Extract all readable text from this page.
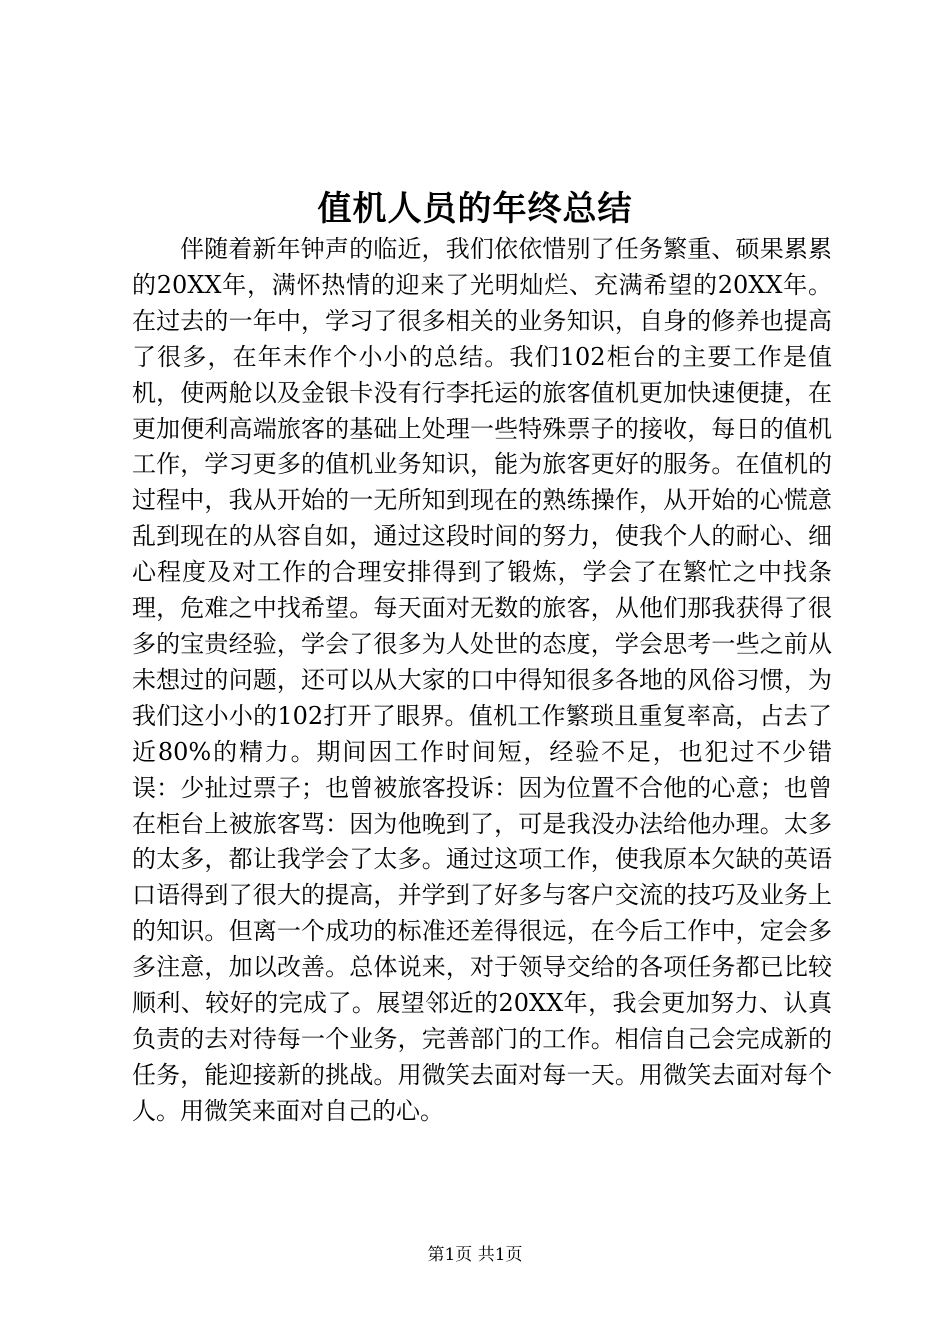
值机人员的年终总结

伴随着新年钟声的临近，我们依依惜别了任务繁重、硕果累累的20XX年，满怀热情的迎来了光明灿烂、充满希望的20XX年。在过去的一年中，学习了很多相关的业务知识，自身的修养也提高了很多，在年末作个小小的总结。我们102柜台的主要工作是值机，使两舱以及金银卡没有行李托运的旅客值机更加快速便捷，在更加便利高端旅客的基础上处理一些特殊票子的接收，每日的值机工作，学习更多的值机业务知识，能为旅客更好的服务。在值机的过程中，我从开始的一无所知到现在的熟练操作，从开始的心慌意乱到现在的从容自如，通过这段时间的努力，使我个人的耐心、细心程度及对工作的合理安排得到了锻炼，学会了在繁忙之中找条理，危难之中找希望。每天面对无数的旅客，从他们那我获得了很多的宝贵经验，学会了很多为人处世的态度，学会思考一些之前从未想过的问题，还可以从大家的口中得知很多各地的风俗习惯，为我们这小小的102打开了眼界。值机工作繁琐且重复率高，占去了近80%的精力。期间因工作时间短，经验不足，也犯过不少错误：少扯过票子；也曾被旅客投诉：因为位置不合他的心意；也曾在柜台上被旅客骂：因为他晚到了，可是我没办法给他办理。太多的太多，都让我学会了太多。通过这项工作，使我原本欠缺的英语口语得到了很大的提高，并学到了好多与客户交流的技巧及业务上的知识。但离一个成功的标准还差得很远，在今后工作中，定会多多注意，加以改善。总体说来，对于领导交给的各项任务都已比较顺利、较好的完成了。展望邻近的20XX年，我会更加努力、认真负责的去对待每一个业务，完善部门的工作。相信自己会完成新的任务，能迎接新的挑战。用微笑去面对每一天。用微笑去面对每个人。用微笑来面对自己的心。

第1页 共1页
